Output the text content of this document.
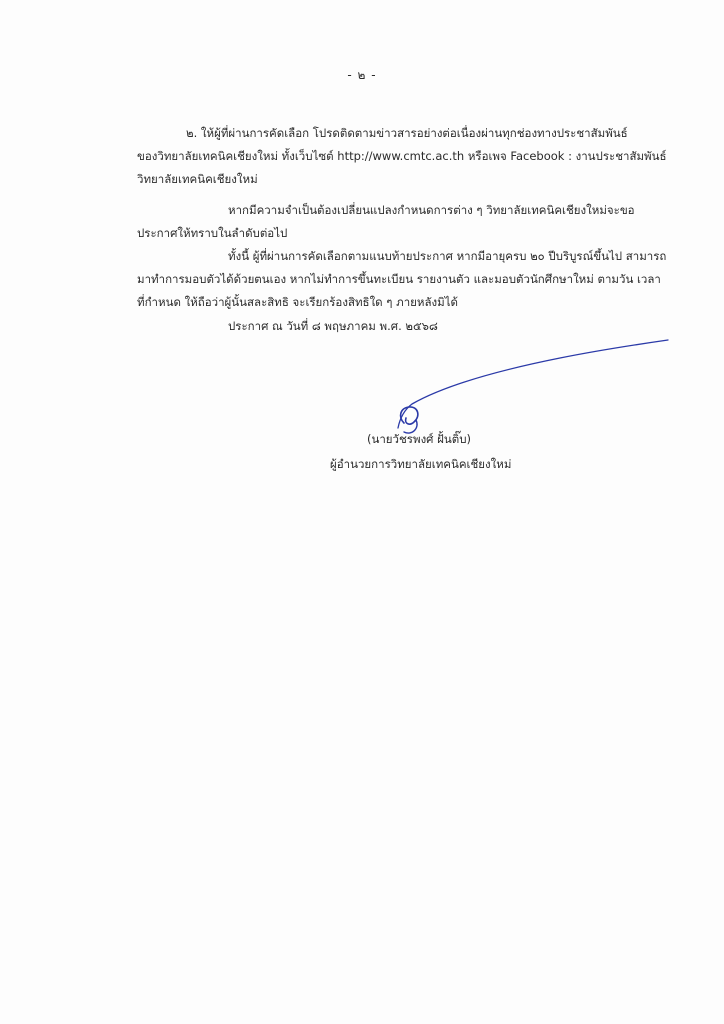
- ๒ -
๒. ให้ผู้ที่ผ่านการคัดเลือก โปรดติดตามข่าวสารอย่างต่อเนื่องผ่านทุกช่องทางประชาสัมพันธ์
ของวิทยาลัยเทคนิคเชียงใหม่ ทั้งเว็บไซต์ http://www.cmtc.ac.th หรือเพจ Facebook : งานประชาสัมพันธ์
วิทยาลัยเทคนิคเชียงใหม่
หากมีความจำเป็นต้องเปลี่ยนแปลงกำหนดการต่าง ๆ วิทยาลัยเทคนิคเชียงใหม่จะขอ
ประกาศให้ทราบในลำดับต่อไป
ทั้งนี้ ผู้ที่ผ่านการคัดเลือกตามแนบท้ายประกาศ หากมีอายุครบ ๒๐ ปีบริบูรณ์ขึ้นไป สามารถ
มาทำการมอบตัวได้ด้วยตนเอง หากไม่ทำการขึ้นทะเบียน รายงานตัว และมอบตัวนักศึกษาใหม่ ตามวัน เวลา
ที่กำหนด ให้ถือว่าผู้นั้นสละสิทธิ จะเรียกร้องสิทธิใด ๆ ภายหลังมิได้
ประกาศ ณ วันที่ ๘ พฤษภาคม พ.ศ. ๒๕๖๘
(นายวัชรพงศ์ ฝั้นติ๊บ)
ผู้อำนวยการวิทยาลัยเทคนิคเชียงใหม่
